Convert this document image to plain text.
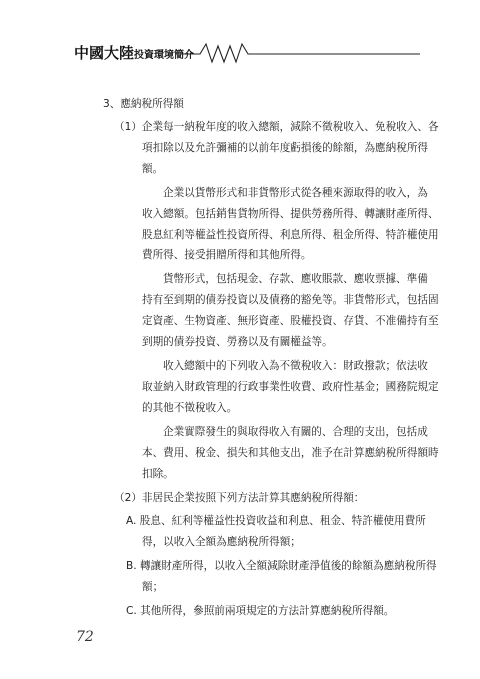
中國大陸投資環境簡介
3、應納稅所得額
（1）企業每一納稅年度的收入總額，減除不徵稅收入、免稅收入、各
項扣除以及允許彌補的以前年度虧損後的餘額，為應納稅所得
額。
企業以貨幣形式和非貨幣形式從各種來源取得的收入，為
收入總額。包括銷售貨物所得、提供勞務所得、轉讓財產所得、
股息紅利等權益性投資所得、利息所得、租金所得、特許權使用
費所得、接受捐贈所得和其他所得。
貨幣形式，包括現金、存款、應收賬款、應收票據、準備
持有至到期的債券投資以及債務的豁免等。非貨幣形式，包括固
定資產、生物資產、無形資產、股權投資、存貨、不准備持有至
到期的債券投資、勞務以及有關權益等。
收入總額中的下列收入為不徵稅收入：財政撥款；依法收
取並納入財政管理的行政事業性收費、政府性基金；國務院規定
的其他不徵稅收入。
企業實際發生的與取得收入有關的、合理的支出，包括成
本、費用、稅金、損失和其他支出，准予在計算應納稅所得額時
扣除。
（2）非居民企業按照下列方法計算其應納稅所得額：
A. 股息、紅利等權益性投資收益和利息、租金、特許權使用費所
得，以收入全額為應納稅所得額；
B. 轉讓財產所得，以收入全額減除財產淨值後的餘額為應納稅所得
額；
C. 其他所得，參照前兩項規定的方法計算應納稅所得額。
72
